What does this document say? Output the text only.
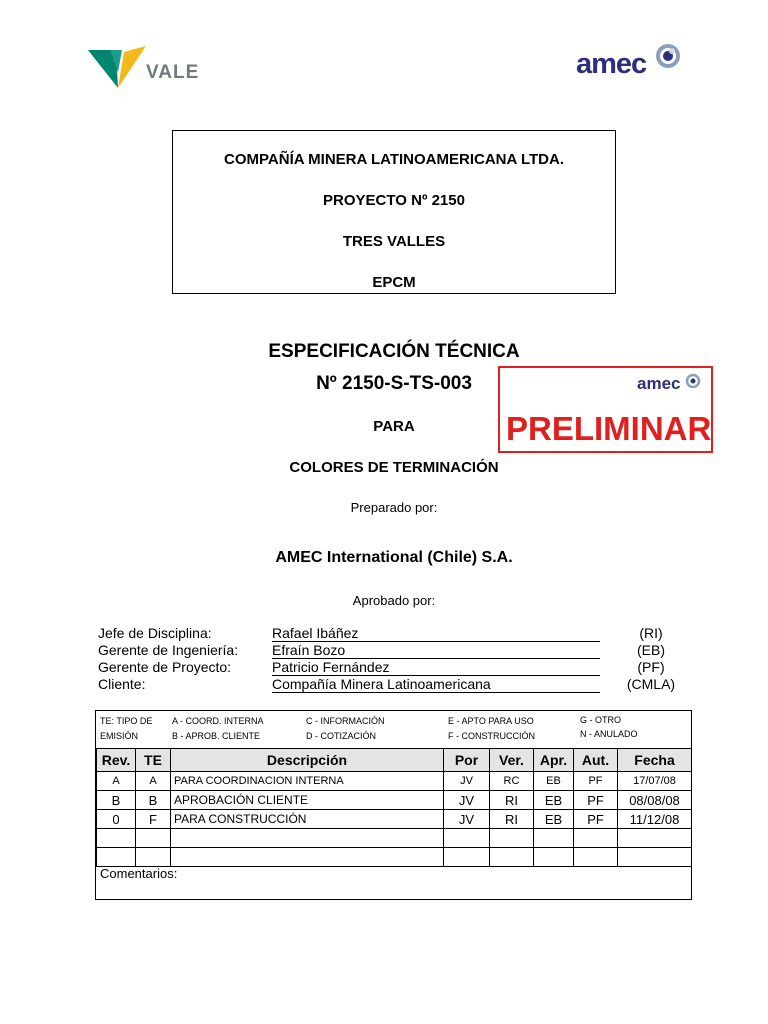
VALE	amec
COMPAÑÍA MINERA LATINOAMERICANA LTDA.
PROYECTO Nº 2150
TRES VALLES
EPCM
ESPECIFICACIÓN TÉCNICA
Nº 2150-S-TS-003
PARA
COLORES DE TERMINACIÓN
Preparado por:
AMEC International (Chile) S.A.
Aprobado por:
amec
PRELIMINAR
Jefe de Disciplina:	Rafael Ibáñez	(RI)
Gerente de Ingeniería: Efraín Bozo	(EB)
Gerente de Proyecto:	Patricio Fernández	(PF)
Cliente:	Compañía Minera Latinoamericana	(CMLA)
TE: TIPO DE
EMISIÓN
A - COORD. INTERNA
B - APROB. CLIENTE
C - INFORMACIÓN
D - COTIZACIÓN
E - APTO PARA USO
F - CONSTRUCCIÓN
G - OTRO
N - ANULADO
Rev.	TE	Descripción	Por	Ver.	Apr.	Aut.	Fecha
A	A	PARA COORDINACION INTERNA	JV	RC	EB	PF	17/07/08
B	B	APROBACIÓN CLIENTE	JV	RI	EB	PF	08/08/08
0	F	PARA CONSTRUCCIÓN	JV	RI	EB	PF	11/12/08

Comentarios:
